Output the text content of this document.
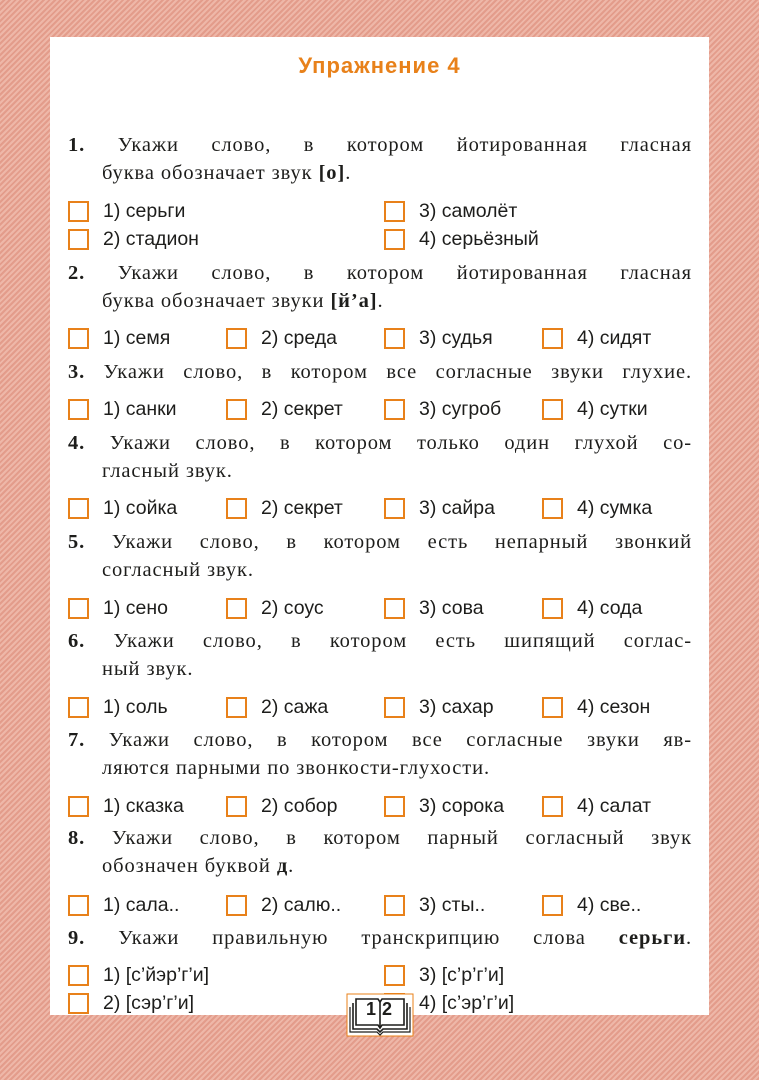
Упражнение 4
1. Укажи слово, в котором йотированная гласная
буква обозначает звук [о].
1) серьги	3) самолёт
2) стадион	4) серьёзный
2. Укажи слово, в котором йотированная гласная
буква обозначает звуки [й’а].
1) семя	2) среда	3) судья	4) сидят
3. Укажи слово, в котором все согласные звуки глухие.
1) санки	2) секрет	3) сугроб	4) сутки
4. Укажи слово, в котором только один глухой со-
гласный звук.
1) сойка	2) секрет	3) сайра	4) сумка
5. Укажи слово, в котором есть непарный звонкий
согласный звук.
1) сено	2) соус	3) сова	4) сода
6. Укажи слово, в котором есть шипящий соглас-
ный звук.
1) соль	2) сажа	3) сахар	4) сезон
7. Укажи слово, в котором все согласные звуки яв-
ляются парными по звонкости-глухости.
1) сказка	2) собор	3) сорока	4) салат
8. Укажи слово, в котором парный согласный звук
обозначен буквой д.
1) сала..	2) салю..	3) сты..	4) све..
9. Укажи правильную транскрипцию слова серьги.
1) [с’йэр’г’и]	3) [с’р’г’и]
2) [сэр’г’и]	4) [с’эр’г’и]
12
